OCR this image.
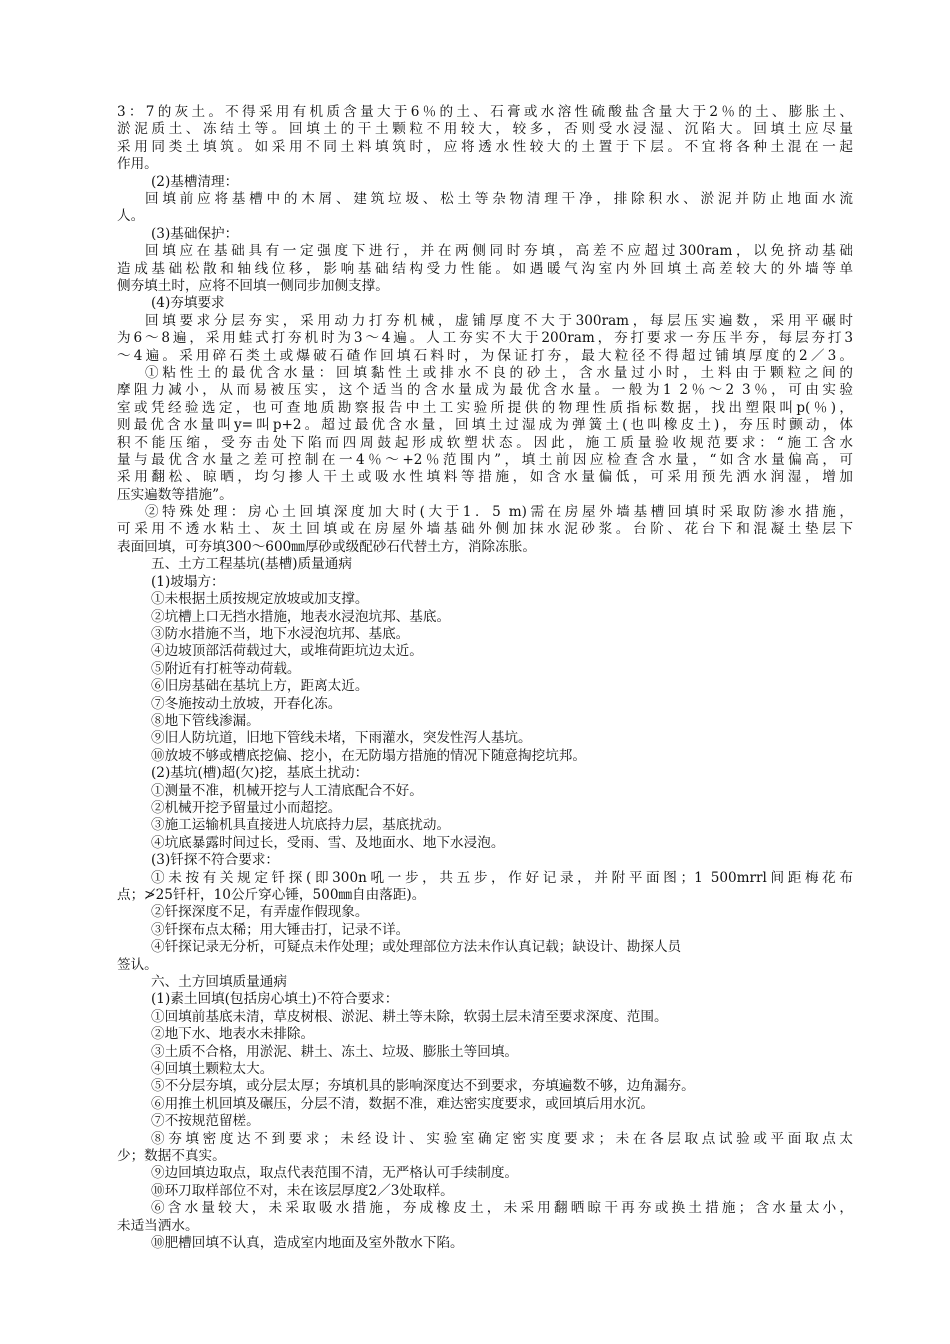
3：7的灰土。不得采用有机质含量大于6％的土、石膏或水溶性硫酸盐含量大于2％的土、膨胀土、
淤泥质土、冻结土等。回填土的干土颗粒不用较大，较多，否则受水浸湿、沉陷大。回填土应尽量
采用同类土填筑。如采用不同土料填筑时，应将透水性较大的土置于下层。不宜将各种土混在一起
作用。
(2)基槽清理：
回填前应将基槽中的木屑、建筑垃圾、松土等杂物清理干净，排除积水、淤泥并防止地面水流
人。
(3)基础保护：
回填应在基础具有一定强度下进行，并在两侧同时夯填，高差不应超过300ram，以免挤动基础
造成基础松散和轴线位移，影响基础结构受力性能。如遇暖气沟室内外回填土高差较大的外墙等单
侧夯填土时，应将不回填一侧同步加侧支撑。
(4)夯填要求
回填要求分层夯实，采用动力打夯机械，虚铺厚度不大于300ram，每层压实遍数，采用平碾时
为6～8遍，采用蛙式打夯机时为3～4遍。人工夯实不大于200ram，夯打要求一夯压半夯，每层夯打3
～4遍。采用碎石类土或爆破石碴作回填石料时，为保证打夯，最大粒径不得超过铺填厚度的2／3。
①粘性土的最优含水量：回填黏性土或排水不良的砂土，含水量过小时，土料由于颗粒之间的
摩阻力减小，从而易被压实，这个适当的含水量成为最优含水量。一般为1 2％～2 3％，可由实验
室或凭经验选定，也可查地质勘察报告中土工实验所提供的物理性质指标数据，找出塑限叫p(％)，
则最优含水量叫y=叫p+2。超过最优含水量，回填土过湿成为弹簧土(也叫橡皮土)，夯压时颤动，体
积不能压缩，受夯击处下陷而四周鼓起形成软塑状态。因此，施工质量验收规范要求：“施工含水
量与最优含水量之差可控制在一4％～+2％范围内”，填土前因应检查含水量，“如含水量偏高，可
采用翻松、晾晒，均匀掺人干土或吸水性填料等措施，如含水量偏低，可采用预先洒水润湿，增加
压实遍数等措施”。
②特殊处理：房心土回填深度加大时(大于1．5 m)需在房屋外墙基槽回填时采取防渗水措施，
可采用不透水粘土、灰土回填或在房屋外墙基础外侧加抹水泥砂浆。台阶、花台下和混凝土垫层下
表面回填，可夯填300～600㎜厚砂或级配砂石代替土方，消除冻胀。
五、土方工程基坑(基槽)质量通病
(1)坡塌方：
①未根据土质按规定放坡或加支撑。
②坑槽上口无挡水措施，地表水浸泡坑邦、基底。
③防水措施不当，地下水浸泡坑邦、基底。
④边坡顶部活荷载过大，或堆荷距坑边太近。
⑤附近有打桩等动荷载。
⑥旧房基础在基坑上方，距离太近。
⑦冬施按动土放坡，开春化冻。
⑧地下管线渗漏。
⑨旧人防坑道，旧地下管线未堵，下雨灌水，突发性泻人基坑。
⑩放坡不够或槽底挖偏、挖小，在无防塌方措施的情况下随意掏挖坑邦。
(2)基坑(槽)超(欠)挖，基底土扰动：
①测量不准，机械开挖与人工清底配合不好。
②机械开挖予留量过小而超挖。
③施工运输机具直接进人坑底持力层，基底扰动。
④坑底暴露时间过长，受雨、雪、及地面水、地下水浸泡。
(3)钎探不符合要求：
①未按有关规定钎探(即300n吼一步，共五步，作好记录，并附平面图；1 500mrrl间距梅花布
点；≯25钎杆，10公斤穿心锤，500㎜自由落距)。
②钎探深度不足，有弄虚作假现象。
③钎探布点太稀；用大锤击打，记录不详。
④钎探记录无分析，可疑点未作处理；或处理部位方法未作认真记载；缺设计、勘探人员
签认。
六、土方回填质量通病
(1)素土回填(包括房心填土)不符合要求：
①回填前基底未清，草皮树根、淤泥、耕土等未除，软弱土层未清至要求深度、范围。
②地下水、地表水未排除。
③土质不合格，用淤泥、耕土、冻土、垃圾、膨胀土等回填。
④回填土颗粒太大。
⑤不分层夯填，或分层太厚；夯填机具的影响深度达不到要求，夯填遍数不够，边角漏夯。
⑥用推土机回填及碾压，分层不清，数据不准，难达密实度要求，或回填后用水沉。
⑦不按规范留槎。
⑧夯填密度达不到要求；未经设计、实验室确定密实度要求；未在各层取点试验或平面取点太
少；数据不真实。
⑨边回填边取点，取点代表范围不清，无严格认可手续制度。
⑩环刀取样部位不对，未在该层厚度2／3处取样。
⑥含水量较大，未采取吸水措施，夯成橡皮土，未采用翻晒晾干再夯或换土措施；含水量太小，
未适当洒水。
⑩肥槽回填不认真，造成室内地面及室外散水下陷。
